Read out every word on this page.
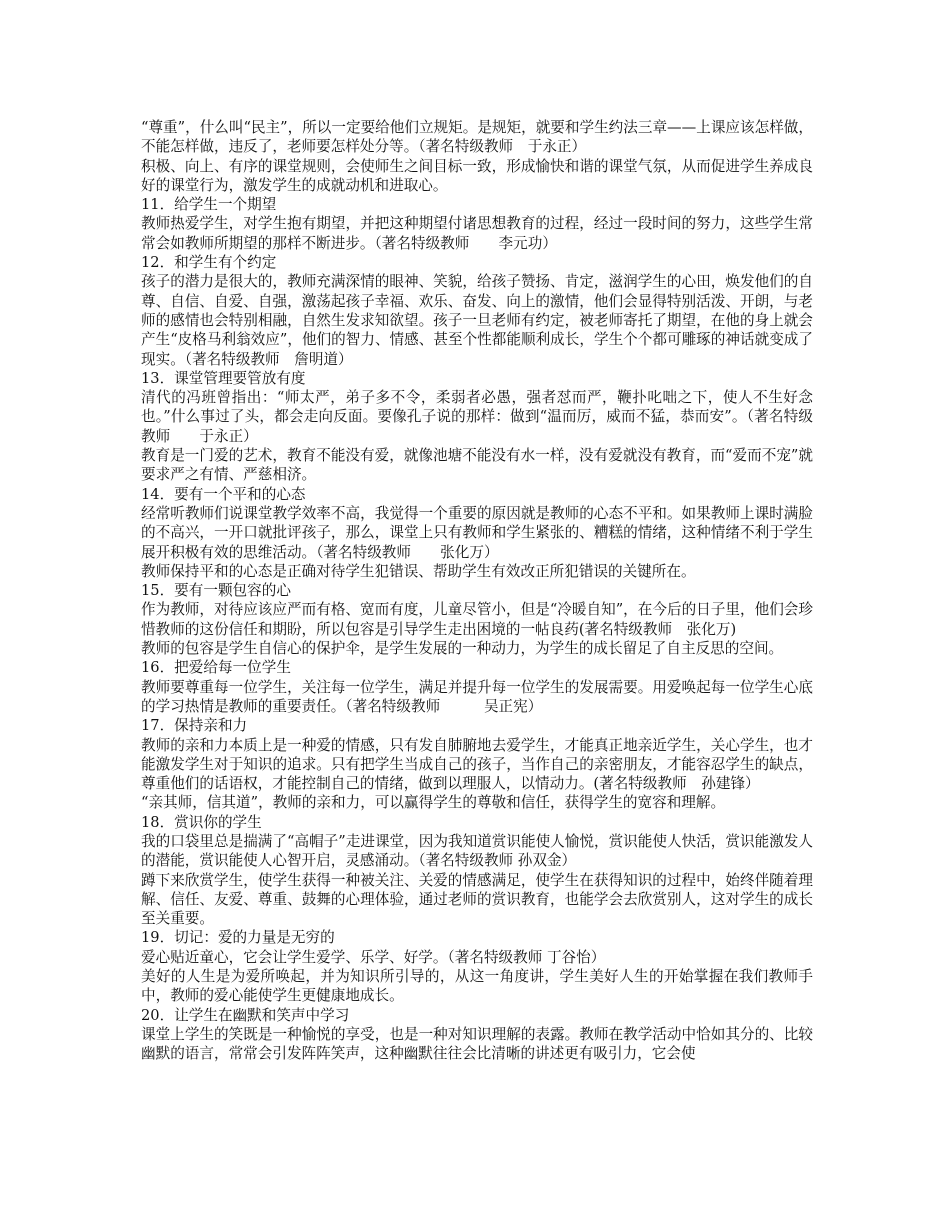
“尊重”，什么叫“民主”，所以一定要给他们立规矩。是规矩，就要和学生约法三章——上课应该怎样做，不能怎样做，违反了，老师要怎样处分等。（著名特级教师　于永正）

积极、向上、有序的课堂规则，会使师生之间目标一致，形成愉快和谐的课堂气氛，从而促进学生养成良好的课堂行为，激发学生的成就动机和进取心。

11．给学生一个期望

教师热爱学生，对学生抱有期望，并把这种期望付诸思想教育的过程，经过一段时间的努力，这些学生常常会如教师所期望的那样不断进步。（著名特级教师　　李元功）

12．和学生有个约定

孩子的潜力是很大的，教师充满深情的眼神、笑貌，给孩子赞扬、肯定，滋润学生的心田，焕发他们的自尊、自信、自爱、自强，激荡起孩子幸福、欢乐、奋发、向上的激情，他们会显得特别活泼、开朗，与老师的感情也会特别相融，自然生发求知欲望。孩子一旦老师有约定，被老师寄托了期望，在他的身上就会产生“皮格马利翁效应”，他们的智力、情感、甚至个性都能顺利成长，学生个个都可雕琢的神话就变成了现实。（著名特级教师　詹明道）

13．课堂管理要管放有度

清代的冯班曾指出：“师太严，弟子多不令，柔弱者必愚，强者怼而严，鞭扑叱咄之下，使人不生好念也。”什么事过了头，都会走向反面。要像孔子说的那样：做到“温而厉，威而不猛，恭而安”。（著名特级教师　　于永正）

教育是一门爱的艺术，教育不能没有爱，就像池塘不能没有水一样，没有爱就没有教育，而“爱而不宠”就要求严之有情、严慈相济。

14．要有一个平和的心态

经常听教师们说课堂教学效率不高，我觉得一个重要的原因就是教师的心态不平和。如果教师上课时满脸的不高兴，一开口就批评孩子，那么，课堂上只有教师和学生紧张的、糟糕的情绪，这种情绪不利于学生展开积极有效的思维活动。（著名特级教师　　张化万）

教师保持平和的心态是正确对待学生犯错误、帮助学生有效改正所犯错误的关键所在。

15．要有一颗包容的心

作为教师，对待应该应严而有格、宽而有度，儿童尽管小，但是“冷暖自知”，在今后的日子里，他们会珍惜教师的这份信任和期盼，所以包容是引导学生走出困境的一帖良药(著名特级教师　张化万)

教师的包容是学生自信心的保护伞，是学生发展的一种动力，为学生的成长留足了自主反思的空间。

16．把爱给每一位学生

教师要尊重每一位学生，关注每一位学生，满足并提升每一位学生的发展需要。用爱唤起每一位学生心底的学习热情是教师的重要责任。（著名特级教师　　　吴正宪）

17．保持亲和力

教师的亲和力本质上是一种爱的情感，只有发自肺腑地去爱学生，才能真正地亲近学生，关心学生，也才能激发学生对于知识的追求。只有把学生当成自己的孩子，当作自己的亲密朋友，才能容忍学生的缺点，尊重他们的话语权，才能控制自己的情绪，做到以理服人，以情动力。(著名特级教师　孙建锋）

“亲其师，信其道”，教师的亲和力，可以赢得学生的尊敬和信任，获得学生的宽容和理解。

18．赏识你的学生

我的口袋里总是揣满了“高帽子”走进课堂，因为我知道赏识能使人愉悦，赏识能使人快活，赏识能激发人的潜能，赏识能使人心智开启，灵感涌动。（著名特级教师 孙双金）

蹲下来欣赏学生，使学生获得一种被关注、关爱的情感满足，使学生在获得知识的过程中，始终伴随着理解、信任、友爱、尊重、鼓舞的心理体验，通过老师的赏识教育，也能学会去欣赏别人，这对学生的成长至关重要。

19．切记：爱的力量是无穷的

爱心贴近童心，它会让学生爱学、乐学、好学。（著名特级教师 丁谷怡）

美好的人生是为爱所唤起，并为知识所引导的，从这一角度讲，学生美好人生的开始掌握在我们教师手中，教师的爱心能使学生更健康地成长。

20．让学生在幽默和笑声中学习

课堂上学生的笑既是一种愉悦的享受，也是一种对知识理解的表露。教师在教学活动中恰如其分的、比较幽默的语言，常常会引发阵阵笑声，这种幽默往往会比清晰的讲述更有吸引力，它会使
